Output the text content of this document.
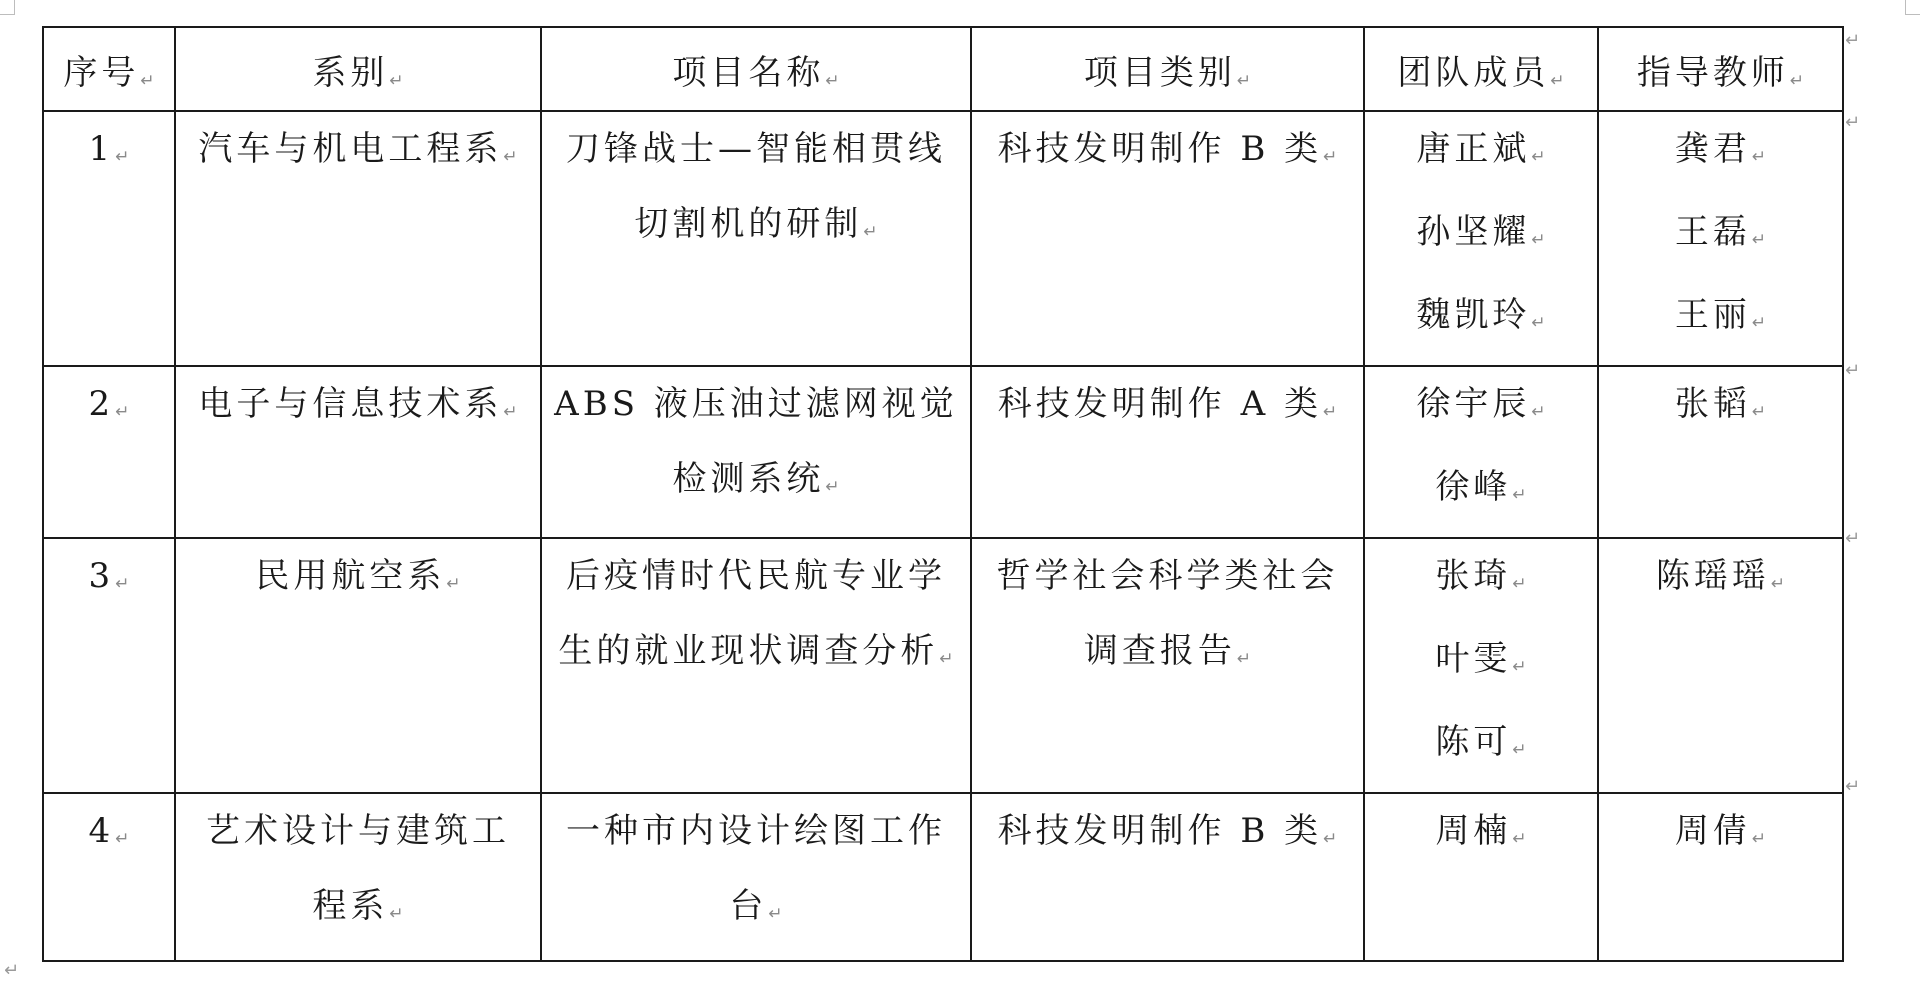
序号↵	系别↵	项目名称↵	项目类别↵	团队成员↵	指导教师↵

1↵	汽车与机电工程系↵	刀锋战士—智能相贯线
切割机的研制↵	科技发明制作 B 类↵	唐正斌↵
孙坚耀↵
魏凯玲↵	龚君↵
王磊↵
王丽↵

2↵	电子与信息技术系↵	ABS 液压油过滤网视觉
检测系统↵	科技发明制作 A 类↵	徐宇辰↵
徐峰↵	张韬↵

3↵	民用航空系↵	后疫情时代民航专业学
生的就业现状调查分析↵	哲学社会科学类社会
调查报告↵	张琦↵
叶雯↵
陈可↵	陈瑶瑶↵

4↵	艺术设计与建筑工
程系↵	一种市内设计绘图工作
台↵	科技发明制作 B 类↵	周楠↵	周倩↵
↵
↵
↵
↵
↵
↵
